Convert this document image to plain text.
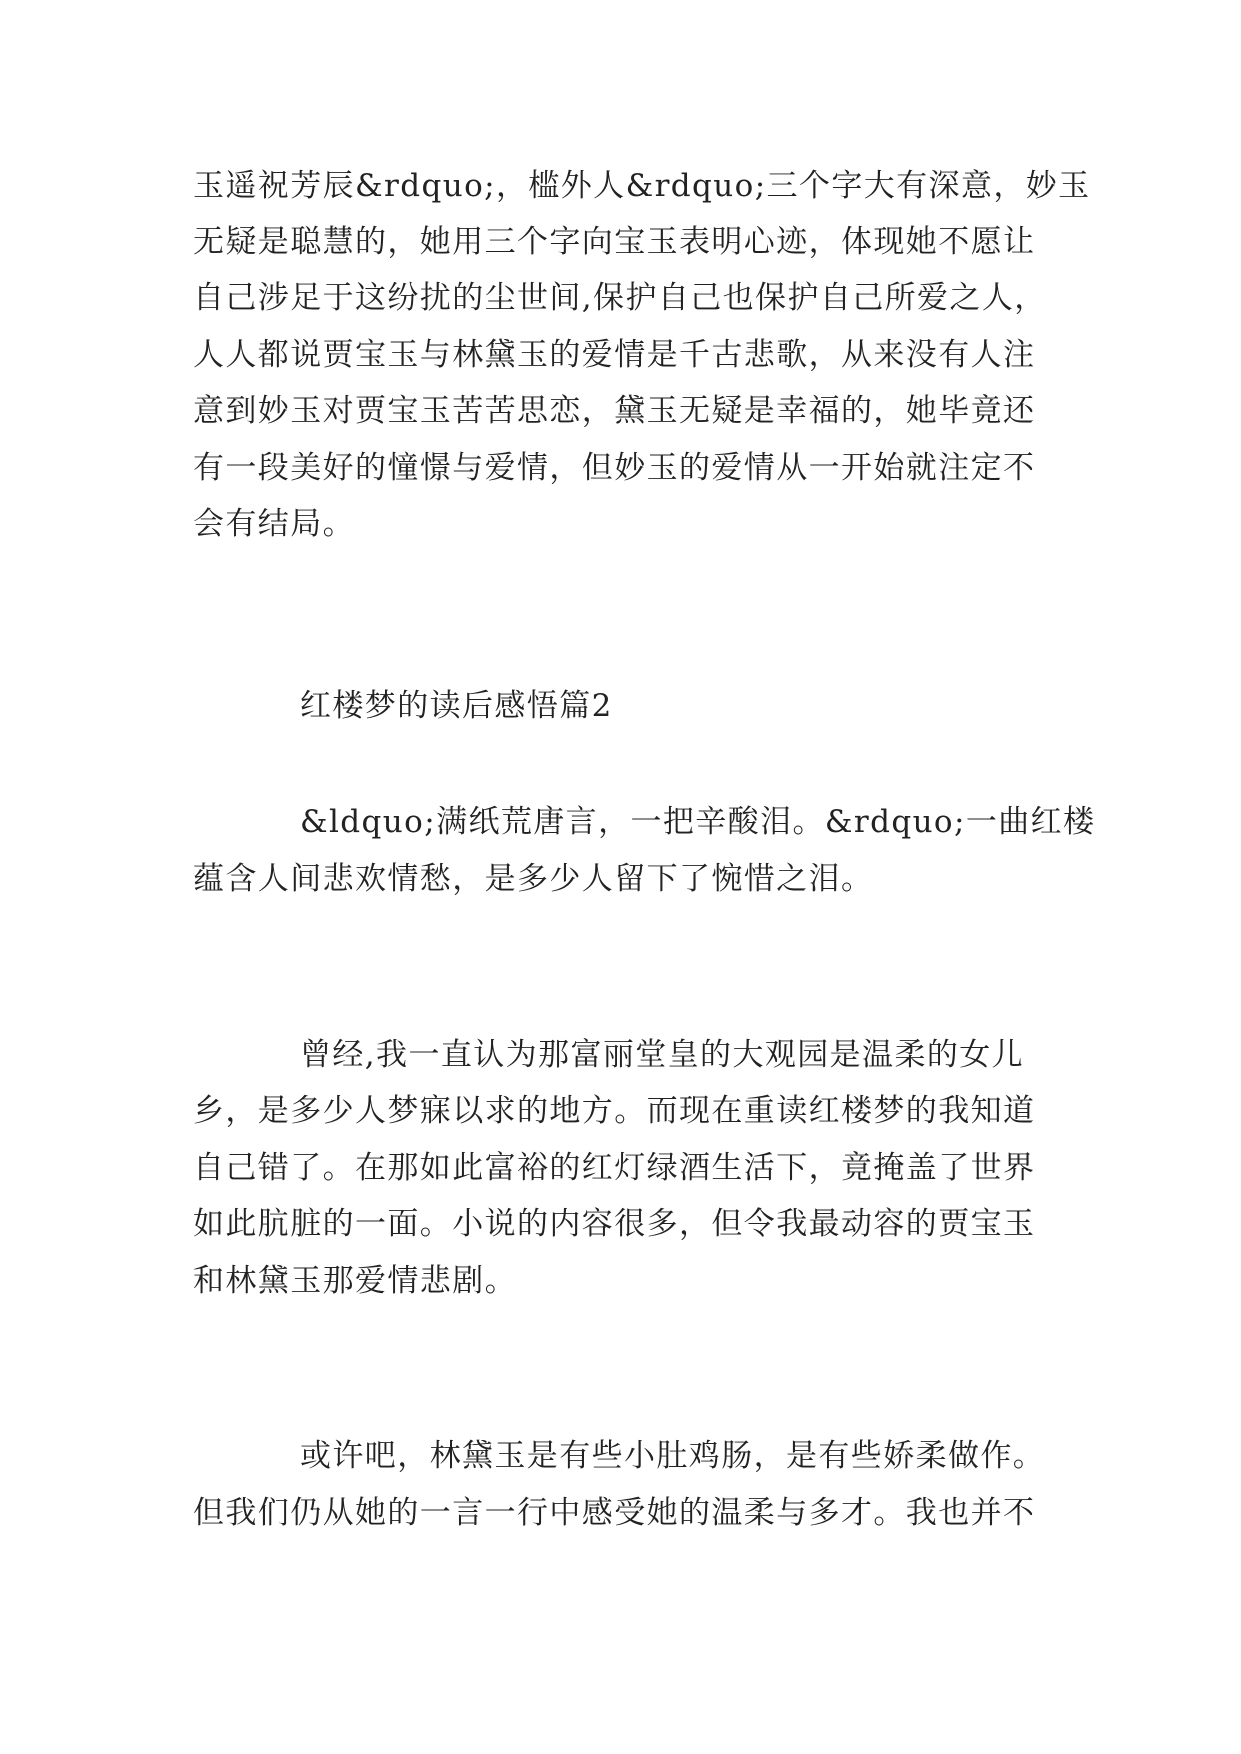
玉遥祝芳辰&rdquo;，槛外人&rdquo;三个字大有深意，妙玉
无疑是聪慧的，她用三个字向宝玉表明心迹，体现她不愿让
自己涉足于这纷扰的尘世间,保护自己也保护自己所爱之人，
人人都说贾宝玉与林黛玉的爱情是千古悲歌，从来没有人注
意到妙玉对贾宝玉苦苦思恋，黛玉无疑是幸福的，她毕竟还
有一段美好的憧憬与爱情，但妙玉的爱情从一开始就注定不
会有结局。
红楼梦的读后感悟篇2
&ldquo;满纸荒唐言，一把辛酸泪。&rdquo;一曲红楼
蕴含人间悲欢情愁，是多少人留下了惋惜之泪。
曾经,我一直认为那富丽堂皇的大观园是温柔的女儿
乡，是多少人梦寐以求的地方。而现在重读红楼梦的我知道
自己错了。在那如此富裕的红灯绿酒生活下，竟掩盖了世界
如此肮脏的一面。小说的内容很多，但令我最动容的贾宝玉
和林黛玉那爱情悲剧。
或许吧，林黛玉是有些小肚鸡肠，是有些娇柔做作。
但我们仍从她的一言一行中感受她的温柔与多才。我也并不
